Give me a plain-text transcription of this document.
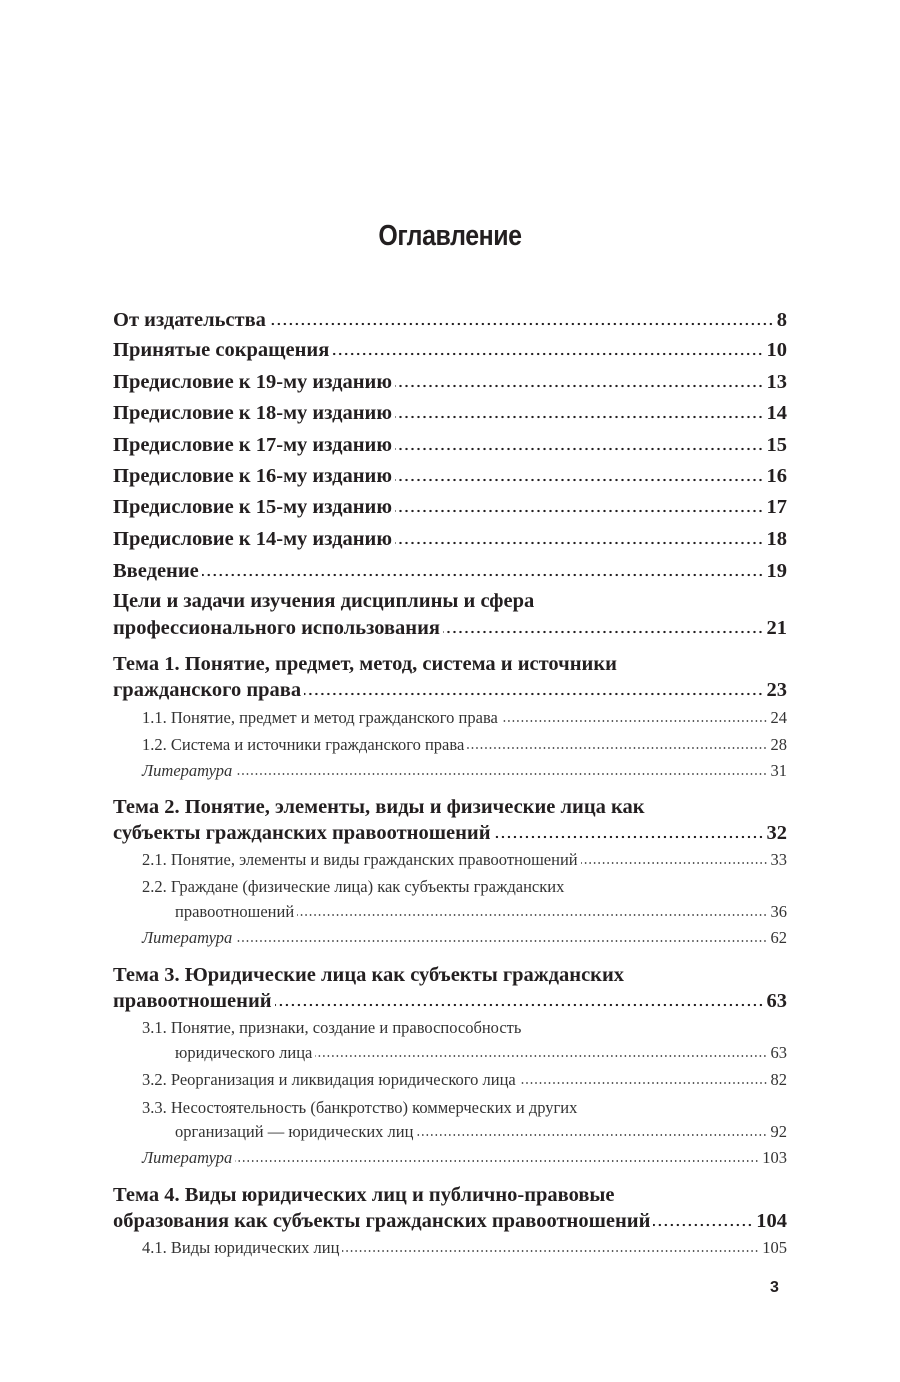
Оглавление
От издательства	8
Принятые сокращения	10
Предисловие к 19-му изданию	13
Предисловие к 18-му изданию	14
Предисловие к 17-му изданию	15
Предисловие к 16-му изданию	16
Предисловие к 15-му изданию	17
Предисловие к 14-му изданию	18
Введение	19
Цели и задачи изучения дисциплины и сфера
профессионального использования	21
Тема 1. Понятие, предмет, метод, система и источники
гражданского права	23
1.1. Понятие, предмет и метод гражданского права	24
1.2. Система и источники гражданского права	28
Литература	31
Тема 2. Понятие, элементы, виды и физические лица как
субъекты гражданских правоотношений	32
2.1. Понятие, элементы и виды гражданских правоотношений	33
2.2. Граждане (физические лица) как субъекты гражданских
правоотношений	36
Литература	62
Тема 3. Юридические лица как субъекты гражданских
правоотношений	63
3.1. Понятие, признаки, создание и правоспособность
юридического лица	63
3.2. Реорганизация и ликвидация юридического лица	82
3.3. Несостоятельность (банкротство) коммерческих и других
организаций — юридических лиц	92
Литература	103
Тема 4. Виды юридических лиц и публично-правовые
образования как субъекты гражданских правоотношений	104
4.1. Виды юридических лиц	105
3
